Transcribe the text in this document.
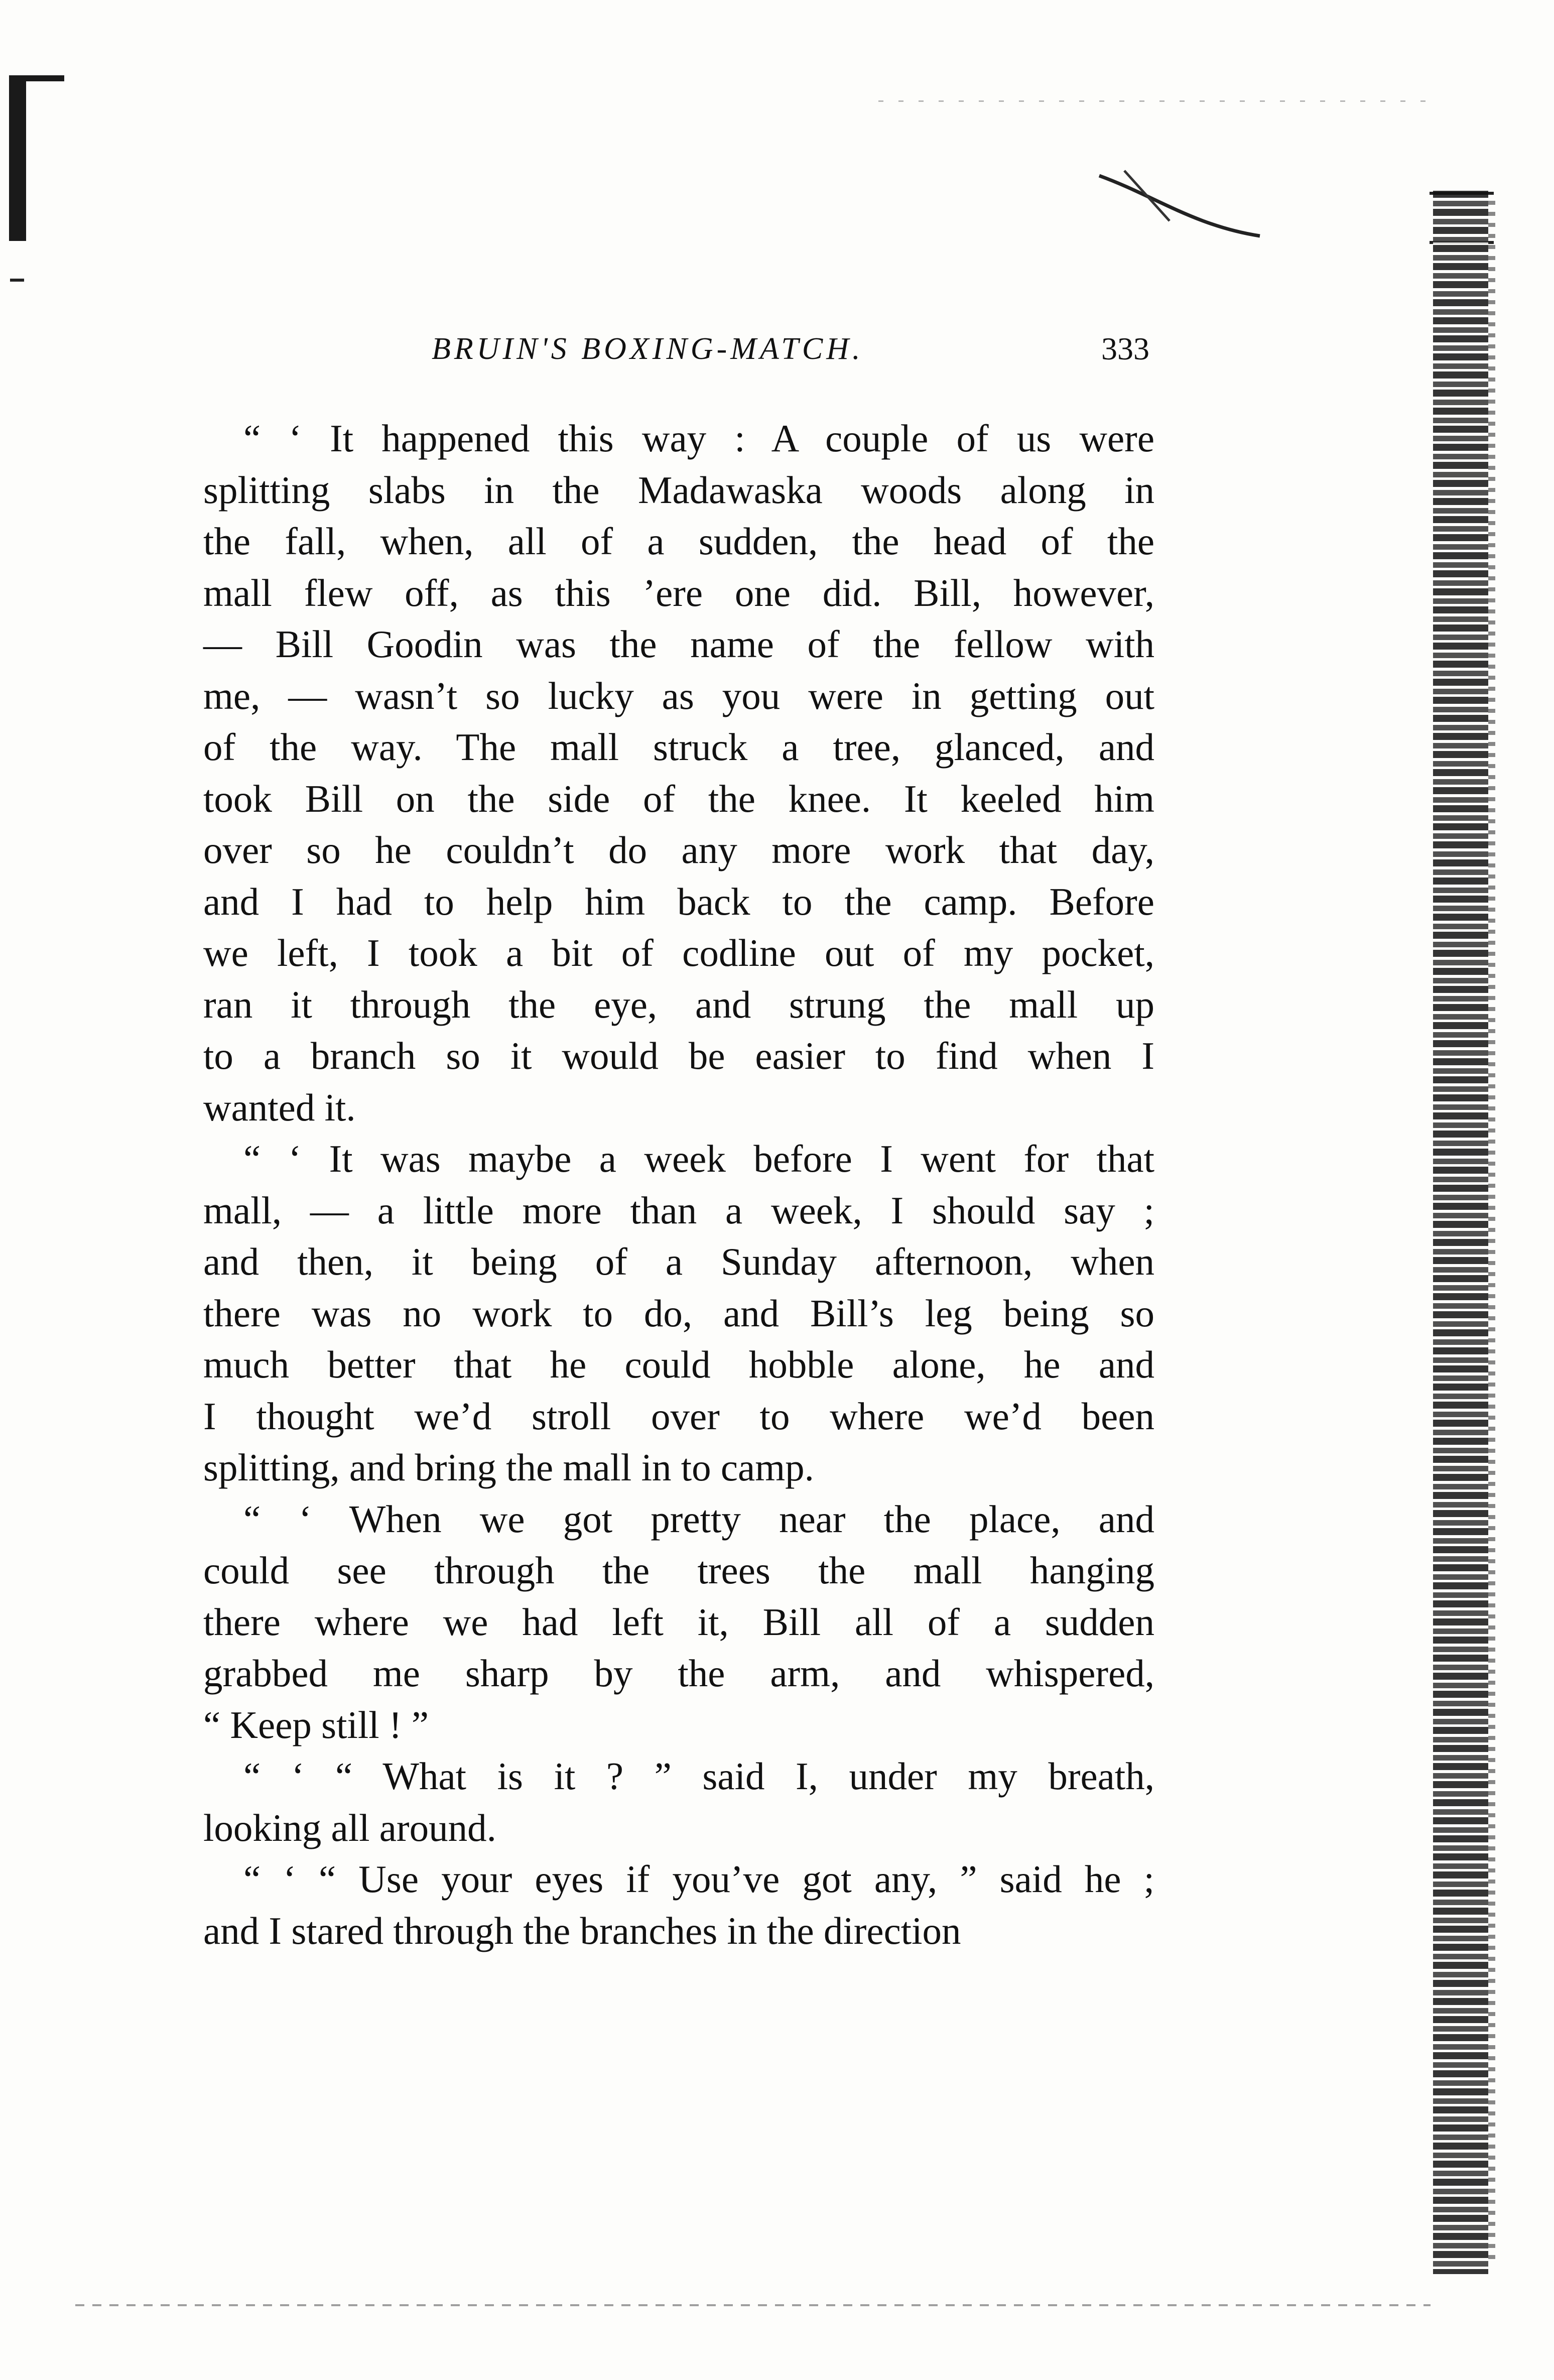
BRUIN'S BOXING-MATCH.	333
“ ‘ It happened this way : A couple of us were
splitting slabs in the Madawaska woods along in
the fall, when, all of a sudden, the head of the
mall flew off, as this ’ere one did. Bill, however,
— Bill Goodin was the name of the fellow with
me, — wasn’t so lucky as you were in getting out
of the way. The mall struck a tree, glanced, and
took Bill on the side of the knee. It keeled him
over so he couldn’t do any more work that day,
and I had to help him back to the camp. Before
we left, I took a bit of codline out of my pocket,
ran it through the eye, and strung the mall up
to a branch so it would be easier to find when I
wanted it.
“ ‘ It was maybe a week before I went for that
mall, — a little more than a week, I should say ;
and then, it being of a Sunday afternoon, when
there was no work to do, and Bill’s leg being so
much better that he could hobble alone, he and
I thought we’d stroll over to where we’d been
splitting, and bring the mall in to camp.
“ ‘ When we got pretty near the place, and
could see through the trees the mall hanging
there where we had left it, Bill all of a sudden
grabbed me sharp by the arm, and whispered,
“ Keep still ! ”
“ ‘ “ What is it ? ” said I, under my breath,
looking all around.
“ ‘ “ Use your eyes if you’ve got any, ” said he ;
and I stared through the branches in the direction
